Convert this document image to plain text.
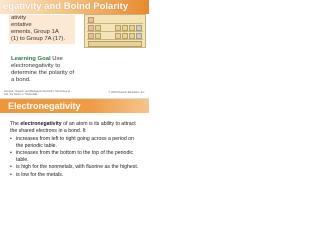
egativity and Bolnd Polarity
ativity
entative
ements, Group 1A
(1) to Group 7A (17).
Learning Goal Use electronegativity to determine the polarity of a bond.
General, Organic, and Biological Chemistry: Structures of Life, 5/e Karen C. Timberlake
© 2016 Pearson Education, Inc.
Electronegativity
The electronegativity of an atom is its ability to attract the shared electrons in a bond. It
• increases from left to right going across a period on the periodic table.
• increases from the bottom to the top of the periodic table.
• is high for the nonmetals, with fluorine as the highest.
• is low for the metals.
